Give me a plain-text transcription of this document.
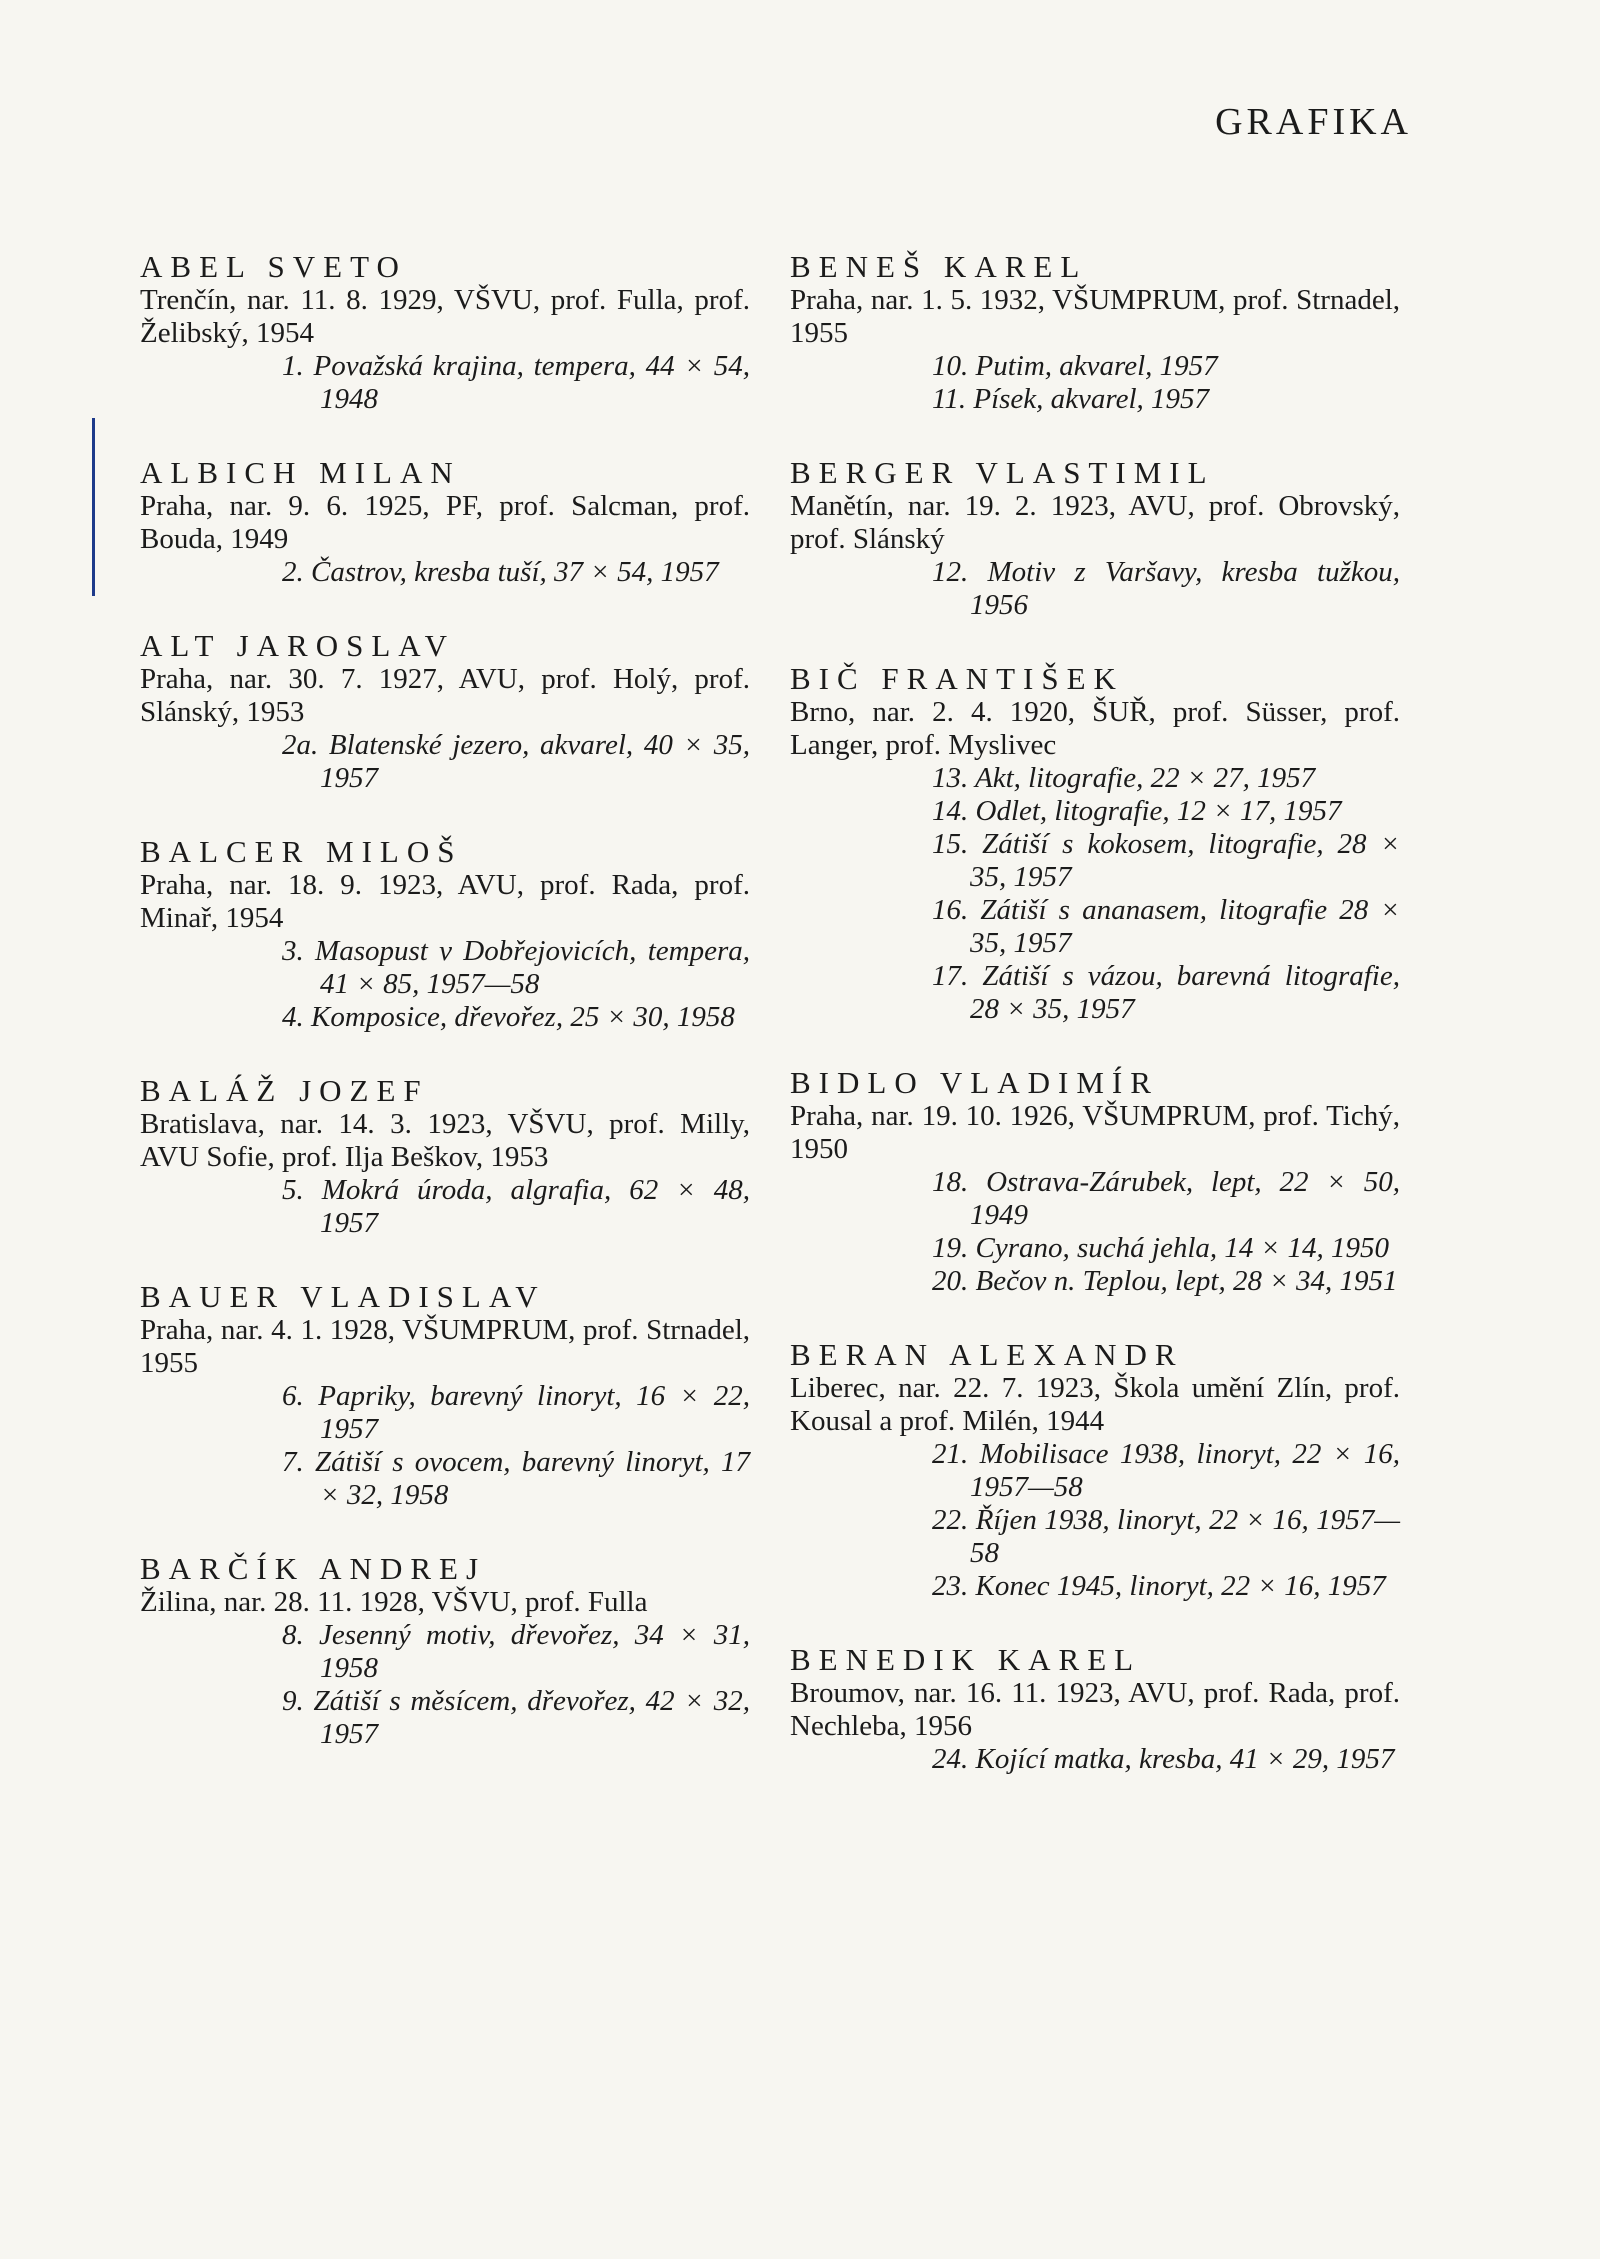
GRAFIKA
ABEL SVETO
Trenčín, nar. 11. 8. 1929, VŠVU, prof. Fulla, prof. Želibský, 1954
1. Považská krajina, tempera, 44 × 54, 1948
ALBICH MILAN
Praha, nar. 9. 6. 1925, PF, prof. Salcman, prof. Bouda, 1949
2. Častrov, kresba tuší, 37 × 54, 1957
ALT JAROSLAV
Praha, nar. 30. 7. 1927, AVU, prof. Holý, prof. Slánský, 1953
2a. Blatenské jezero, akvarel, 40 × 35, 1957
BALCER MILOŠ
Praha, nar. 18. 9. 1923, AVU, prof. Rada, prof. Minař, 1954
3. Masopust v Dobřejovicích, tempera, 41 × 85, 1957—58
4. Komposice, dřevořez, 25 × 30, 1958
BALÁŽ JOZEF
Bratislava, nar. 14. 3. 1923, VŠVU, prof. Milly, AVU Sofie, prof. Ilja Beškov, 1953
5. Mokrá úroda, algrafia, 62 × 48, 1957
BAUER VLADISLAV
Praha, nar. 4. 1. 1928, VŠUMPRUM, prof. Strnadel, 1955
6. Papriky, barevný linoryt, 16 × 22, 1957
7. Zátiší s ovocem, barevný linoryt, 17 × 32, 1958
BARČÍK ANDREJ
Žilina, nar. 28. 11. 1928, VŠVU, prof. Fulla
8. Jesenný motiv, dřevořez, 34 × 31, 1958
9. Zátiší s měsícem, dřevořez, 42 × 32, 1957
BENEŠ KAREL
Praha, nar. 1. 5. 1932, VŠUMPRUM, prof. Strnadel, 1955
10. Putim, akvarel, 1957
11. Písek, akvarel, 1957
BERGER VLASTIMIL
Manětín, nar. 19. 2. 1923, AVU, prof. Obrovský, prof. Slánský
12. Motiv z Varšavy, kresba tužkou, 1956
BIČ FRANTIŠEK
Brno, nar. 2. 4. 1920, ŠUŘ, prof. Süsser, prof. Langer, prof. Myslivec
13. Akt, litografie, 22 × 27, 1957
14. Odlet, litografie, 12 × 17, 1957
15. Zátiší s kokosem, litografie, 28 × 35, 1957
16. Zátiší s ananasem, litografie 28 × 35, 1957
17. Zátiší s vázou, barevná litografie, 28 × 35, 1957
BIDLO VLADIMÍR
Praha, nar. 19. 10. 1926, VŠUMPRUM, prof. Tichý, 1950
18. Ostrava-Zárubek, lept, 22 × 50, 1949
19. Cyrano, suchá jehla, 14 × 14, 1950
20. Bečov n. Teplou, lept, 28 × 34, 1951
BERAN ALEXANDR
Liberec, nar. 22. 7. 1923, Škola umění Zlín, prof. Kousal a prof. Milén, 1944
21. Mobilisace 1938, linoryt, 22 × 16, 1957—58
22. Říjen 1938, linoryt, 22 × 16, 1957—58
23. Konec 1945, linoryt, 22 × 16, 1957
BENEDIK KAREL
Broumov, nar. 16. 11. 1923, AVU, prof. Rada, prof. Nechleba, 1956
24. Kojící matka, kresba, 41 × 29, 1957
